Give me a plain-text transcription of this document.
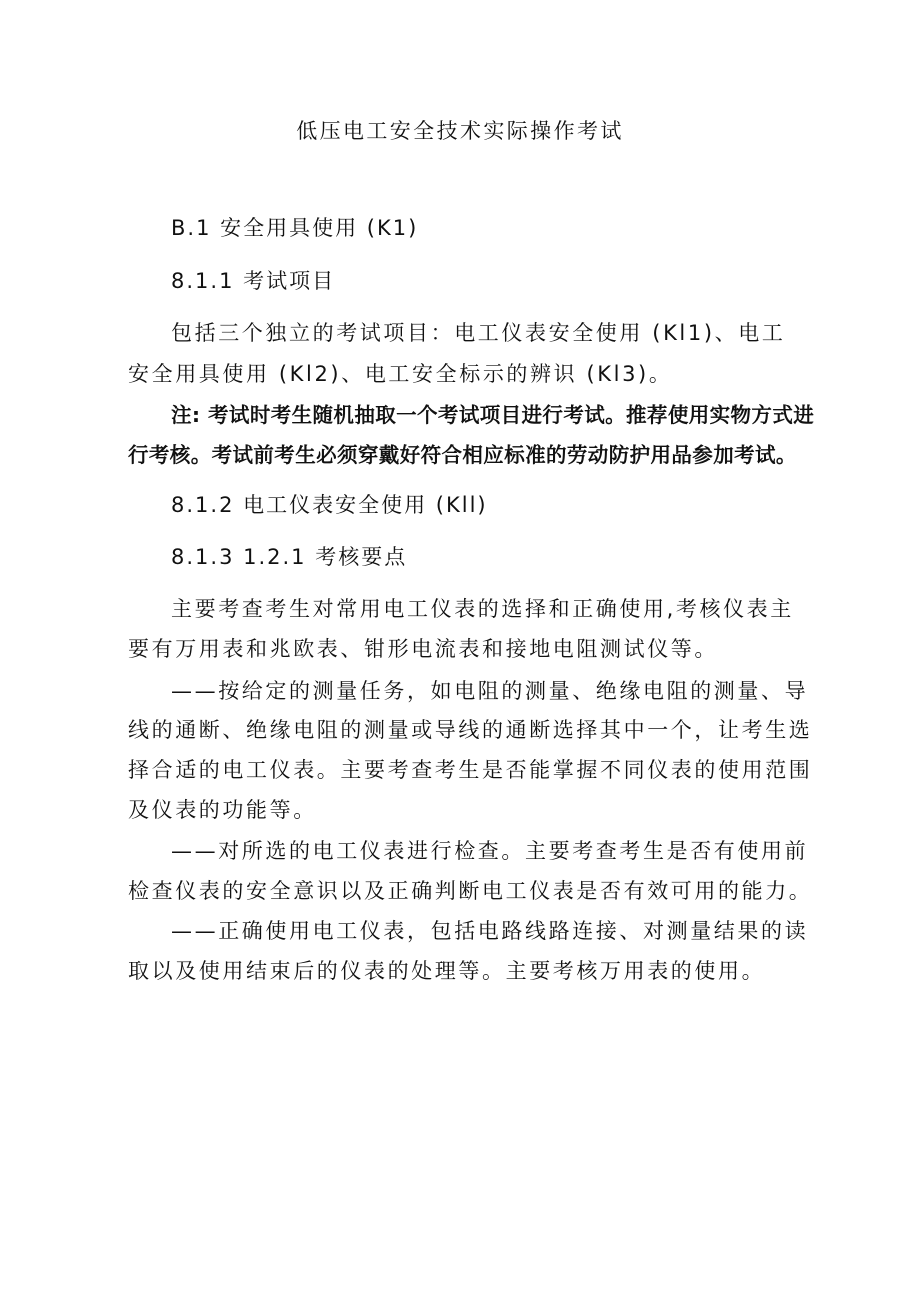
低压电工安全技术实际操作考试
B.1 安全用具使用 (K1)
8.1.1 考试项目
包括三个独立的考试项目：电工仪表安全使用 (Kl1)、电工
安全用具使用 (Kl2)、电工安全标示的辨识 (Kl3)。
注: 考试时考生随机抽取一个考试项目进行考试。推荐使用实物方式进
行考核。考试前考生必须穿戴好符合相应标准的劳动防护用品参加考试。
8.1.2 电工仪表安全使用 (Kll)
8.1.3 1.2.1 考核要点
主要考查考生对常用电工仪表的选择和正确使用,考核仪表主
要有万用表和兆欧表、钳形电流表和接地电阻测试仪等。
——按给定的测量任务，如电阻的测量、绝缘电阻的测量、导
线的通断、绝缘电阻的测量或导线的通断选择其中一个，让考生选
择合适的电工仪表。主要考查考生是否能掌握不同仪表的使用范围
及仪表的功能等。
——对所选的电工仪表进行检查。主要考查考生是否有使用前
检查仪表的安全意识以及正确判断电工仪表是否有效可用的能力。
——正确使用电工仪表，包括电路线路连接、对测量结果的读
取以及使用结束后的仪表的处理等。主要考核万用表的使用。
